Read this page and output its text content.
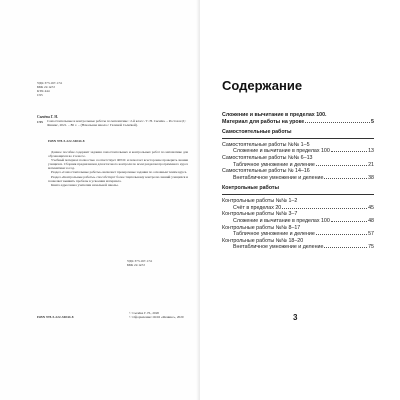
УДК 373.167.1:51
ББК 22.1я72
КТК 444
С95
Сычёва Г. Н.
С95 Самостоятельные и контрольные работы по математике : 2-й класс / Г. Н. Сычёва. – Ростов н/Д : Феникс, 2021. – 86 с. – (Начальная школа с Галиной Сычёвой).
ISBN 978-5-222-34044-8

Данное пособие содержит задания самостоятельных и контрольных работ по математике для обучающихся во 2 классе.

Учебный материал полностью соответствует ФГОС и помогает всесторонне проверить знания учащихся. Сборник предназначен для итогового контроля по всем разделам программного курса математики за год.

Раздел «Самостоятельные работы» включает проверочные задания по основным темам курса.

Раздел «Контрольные работы» способствует более тщательному контролю знаний учащихся и позволяет выявить пробелы в усвоении материала.

Книга адресована учителям начальной школы.

УДК 373.167.1:51
ББК 22.1я72
ISBN 978-5-222-34044-8
© Сычёва Г. Н., 2020
© Оформление: ООО «Феникс», 2020
Содержание
Сложение и вычитание в пределах 100.
Материал для работы на уроке	5
Самостоятельные работы
Самостоятельные работы №№ 1–5
Сложение и вычитание в пределах 100	13
Самостоятельные работы №№ 6–13
Табличное умножение и деление	21
Самостоятельные работы № 14–16
Внетабличное умножение и деление	38
Контрольные работы
Контрольные работы №№ 1–2
Счёт в пределах 20	45
Контрольные работы №№ 3–7
Сложение и вычитание в пределах 100	48
Контрольные работы №№ 8–17
Табличное умножение и деление	57
Контрольные работы №№ 18–20
Внетабличное умножение и деление	75
3
